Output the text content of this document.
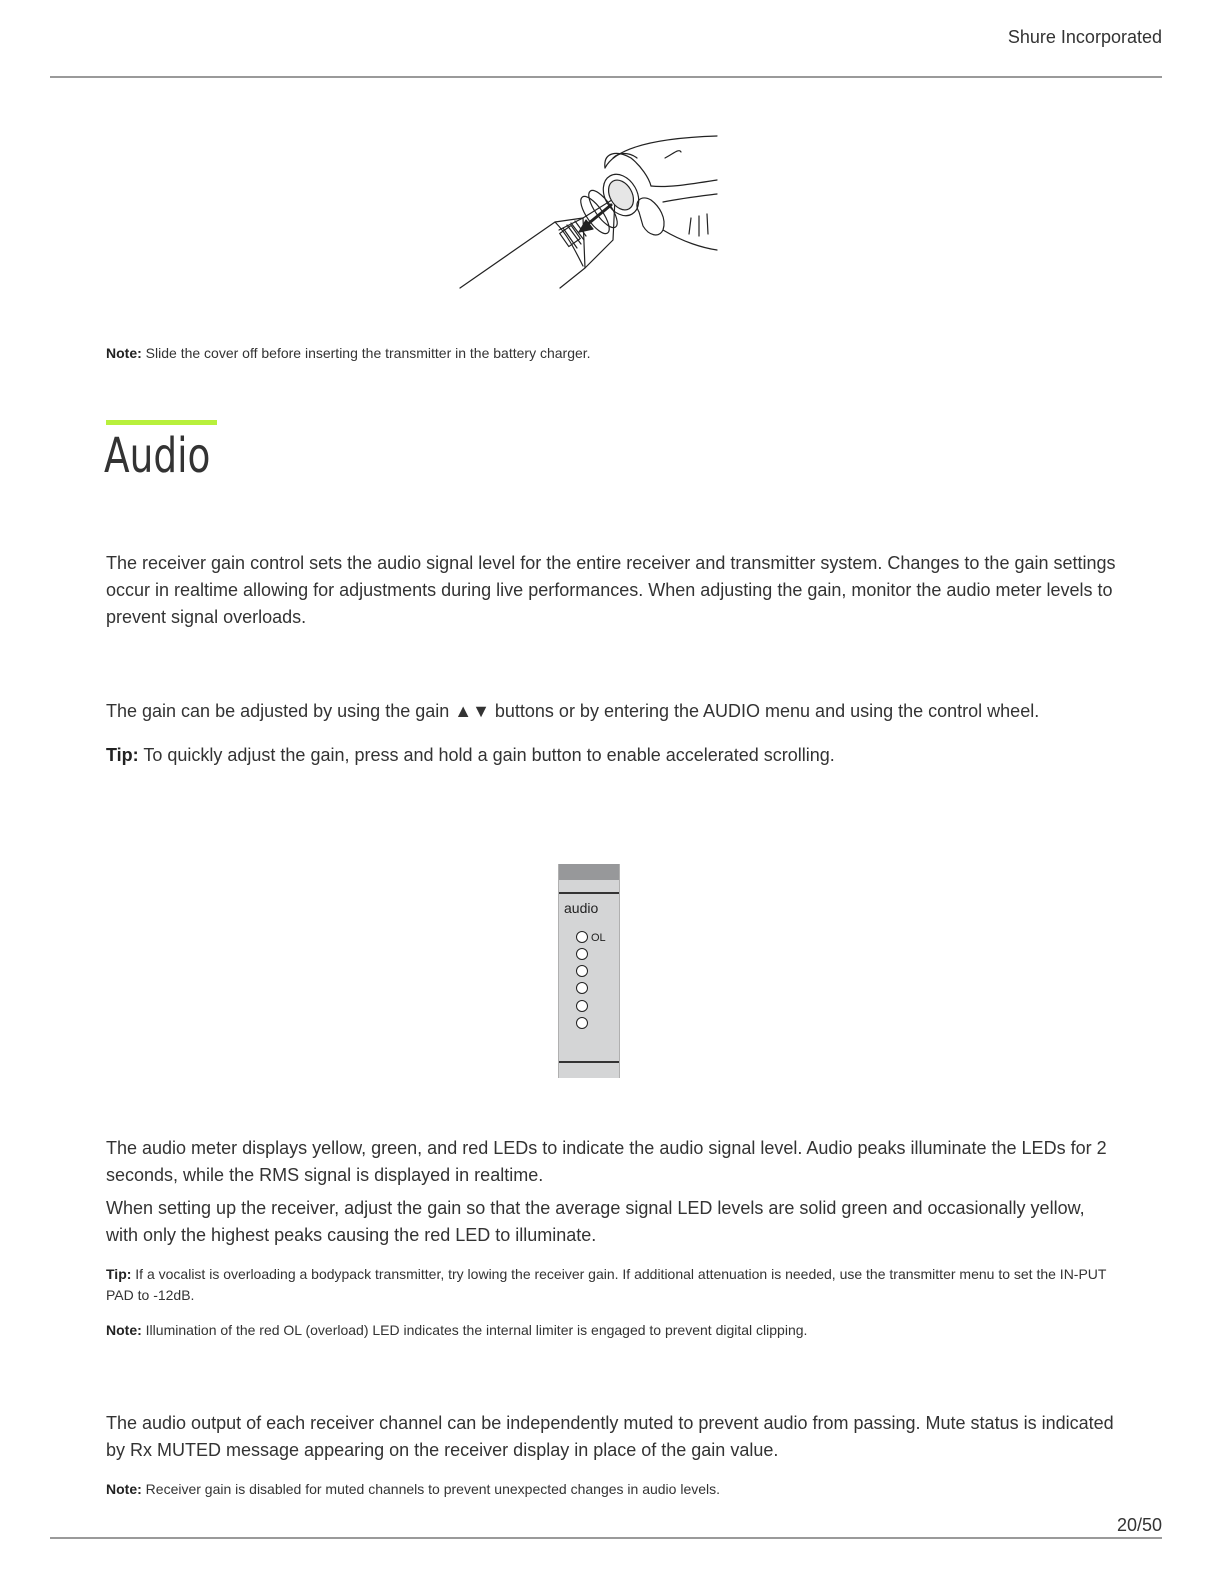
Shure Incorporated
Note: Slide the cover off before inserting the transmitter in the battery charger.
Audio
The receiver gain control sets the audio signal level for the entire receiver and transmitter system. Changes to the gain settings occur in realtime allowing for adjustments during live performances. When adjusting the gain, monitor the audio meter levels to prevent signal overloads.
The gain can be adjusted by using the gain ▲▼ buttons or by entering the AUDIO menu and using the control wheel.
Tip: To quickly adjust the gain, press and hold a gain button to enable accelerated scrolling.
audio
OL
The audio meter displays yellow, green, and red LEDs to indicate the audio signal level. Audio peaks illuminate the LEDs for 2 seconds, while the RMS signal is displayed in realtime.
When setting up the receiver, adjust the gain so that the average signal LED levels are solid green and occasionally yellow, with only the highest peaks causing the red LED to illuminate.
Tip: If a vocalist is overloading a bodypack transmitter, try lowing the receiver gain. If additional attenuation is needed, use the transmitter menu to set the IN-PUT PAD to -12dB.
Note: Illumination of the red OL (overload) LED indicates the internal limiter is engaged to prevent digital clipping.
The audio output of each receiver channel can be independently muted to prevent audio from passing. Mute status is indicated by Rx MUTED message appearing on the receiver display in place of the gain value.
Note: Receiver gain is disabled for muted channels to prevent unexpected changes in audio levels.
20/50
